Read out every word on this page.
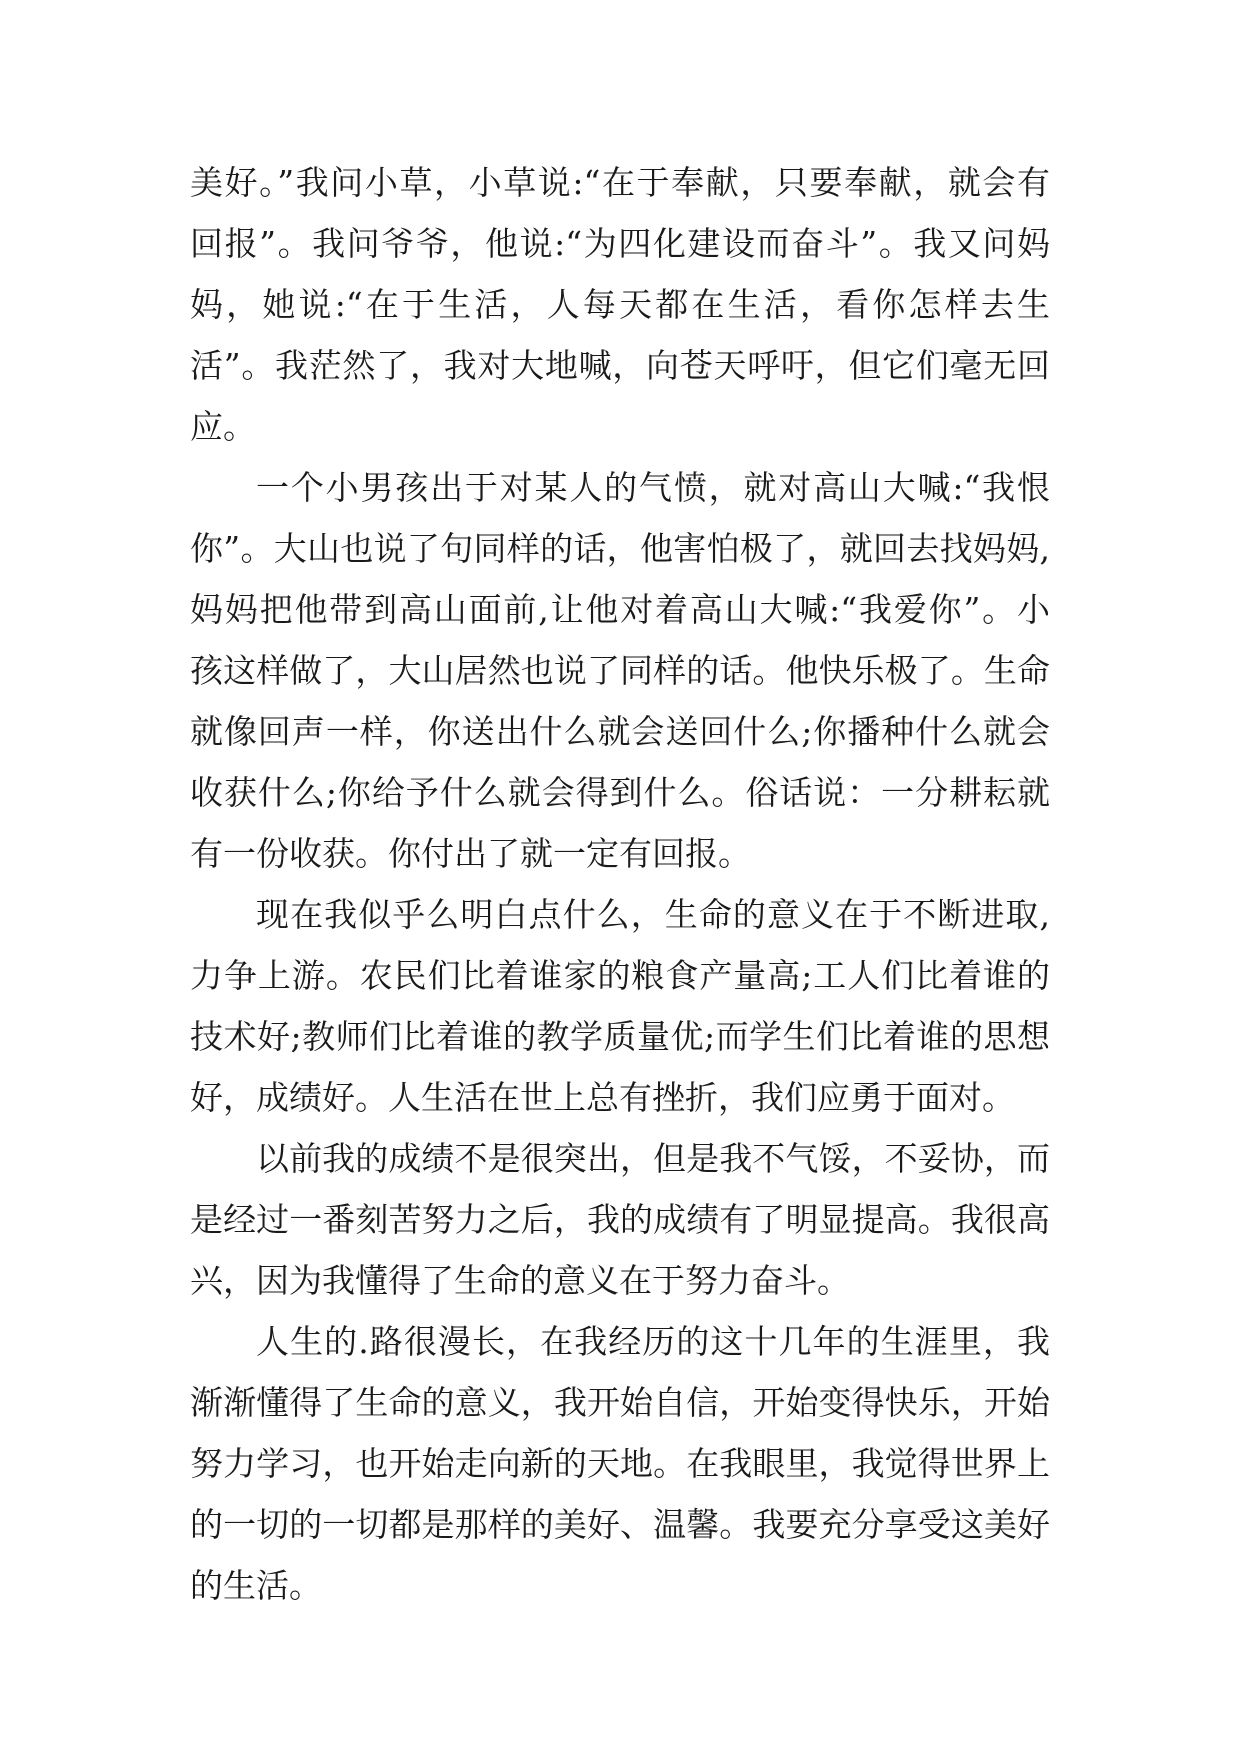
美好。”我问小草，小草说:“在于奉献，只要奉献，就会有
回报”。我问爷爷，他说:“为四化建设而奋斗”。我又问妈
妈，她说:“在于生活，人每天都在生活，看你怎样去生
活”。我茫然了，我对大地喊，向苍天呼吁，但它们毫无回
应。
一个小男孩出于对某人的气愤，就对高山大喊:“我恨
你”。大山也说了句同样的话，他害怕极了，就回去找妈妈,
妈妈把他带到高山面前,让他对着高山大喊:“我爱你”。小
孩这样做了，大山居然也说了同样的话。他快乐极了。生命
就像回声一样，你送出什么就会送回什么;你播种什么就会
收获什么;你给予什么就会得到什么。俗话说：一分耕耘就
有一份收获。你付出了就一定有回报。
现在我似乎么明白点什么，生命的意义在于不断进取,
力争上游。农民们比着谁家的粮食产量高;工人们比着谁的
技术好;教师们比着谁的教学质量优;而学生们比着谁的思想
好，成绩好。人生活在世上总有挫折，我们应勇于面对。
以前我的成绩不是很突出，但是我不气馁，不妥协，而
是经过一番刻苦努力之后，我的成绩有了明显提高。我很高
兴，因为我懂得了生命的意义在于努力奋斗。
人生的.路很漫长，在我经历的这十几年的生涯里，我
渐渐懂得了生命的意义，我开始自信，开始变得快乐，开始
努力学习，也开始走向新的天地。在我眼里，我觉得世界上
的一切的一切都是那样的美好、温馨。我要充分享受这美好
的生活。
